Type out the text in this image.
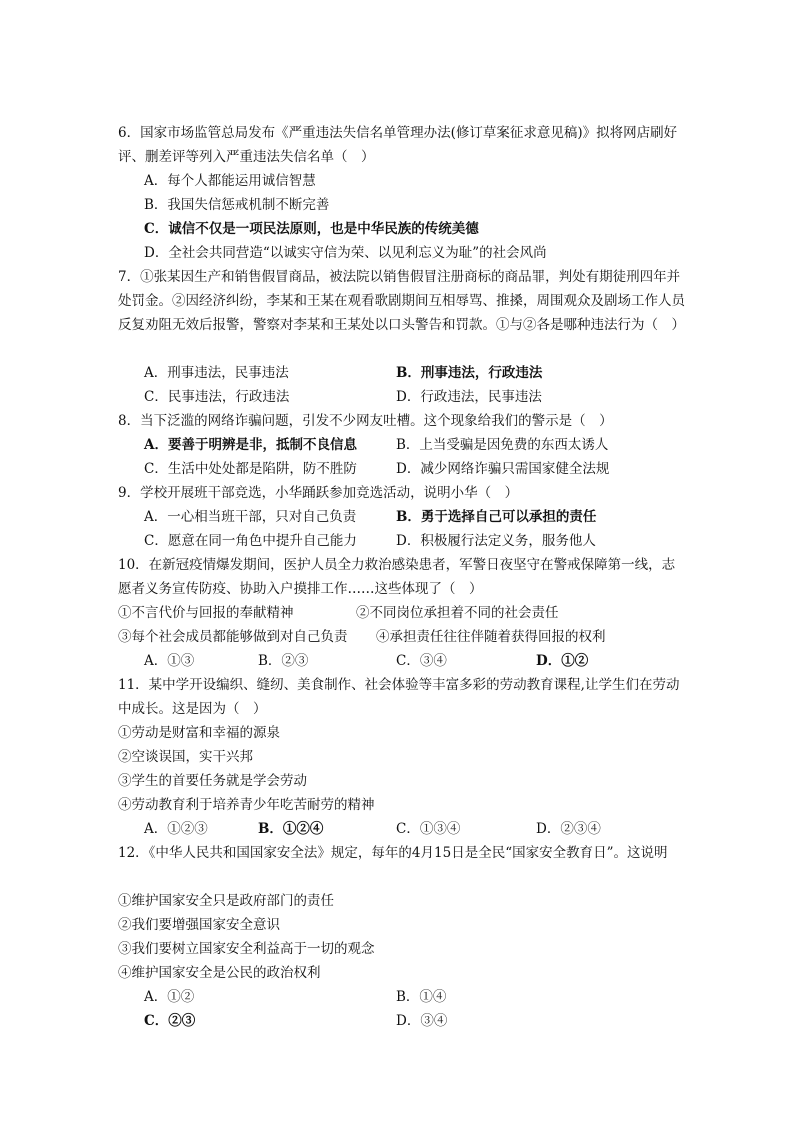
6．国家市场监管总局发布《严重违法失信名单管理办法(修订草案征求意见稿)》拟将网店刷好评、删差评等列入严重违法失信名单（　）
A．每个人都能运用诚信智慧
B．我国失信惩戒机制不断完善
C．诚信不仅是一项民法原则，也是中华民族的传统美德
D．全社会共同营造“以诚实守信为荣、以见利忘义为耻”的社会风尚
7．①张某因生产和销售假冒商品，被法院以销售假冒注册商标的商品罪，判处有期徒刑四年并处罚金。②因经济纠纷，李某和王某在观看歌剧期间互相辱骂、推搡，周围观众及剧场工作人员反复劝阻无效后报警，警察对李某和王某处以口头警告和罚款。①与②各是哪种违法行为（　）
A．刑事违法，民事违法	B．刑事违法，行政违法
C．民事违法，行政违法	D．行政违法，民事违法
8．当下泛滥的网络诈骗问题，引发不少网友吐槽。这个现象给我们的警示是（　）
A．要善于明辨是非，抵制不良信息	B．上当受骗是因免费的东西太诱人
C．生活中处处都是陷阱，防不胜防	D．减少网络诈骗只需国家健全法规
9．学校开展班干部竞选，小华踊跃参加竞选活动，说明小华（　）
A．一心相当班干部，只对自己负责	B．勇于选择自己可以承担的责任
C．愿意在同一角色中提升自己能力	D．积极履行法定义务，服务他人
10．在新冠疫情爆发期间，医护人员全力救治感染患者，军警日夜坚守在警戒保障第一线，志愿者义务宣传防疫、协助入户摸排工作……这些体现了（　）
①不言代价与回报的奉献精神	②不同岗位承担着不同的社会责任
③每个社会成员都能够做到对自己负责 ④承担责任往往伴随着获得回报的权利
A．①③	B．②③	C．③④	D．①②
11．某中学开设编织、缝纫、美食制作、社会体验等丰富多彩的劳动教育课程,让学生们在劳动中成长。这是因为（　）
①劳动是财富和幸福的源泉
②空谈误国，实干兴邦
③学生的首要任务就是学会劳动
④劳动教育利于培养青少年吃苦耐劳的精神
A．①②③	B．①②④	C．①③④	D．②③④
12．《中华人民共和国国家安全法》规定，每年的4月15日是全民“国家安全教育日”。这说明
①维护国家安全只是政府部门的责任
②我们要增强国家安全意识
③我们要树立国家安全利益高于一切的观念
④维护国家安全是公民的政治权利
A．①②	B．①④
C．②③	D．③④
